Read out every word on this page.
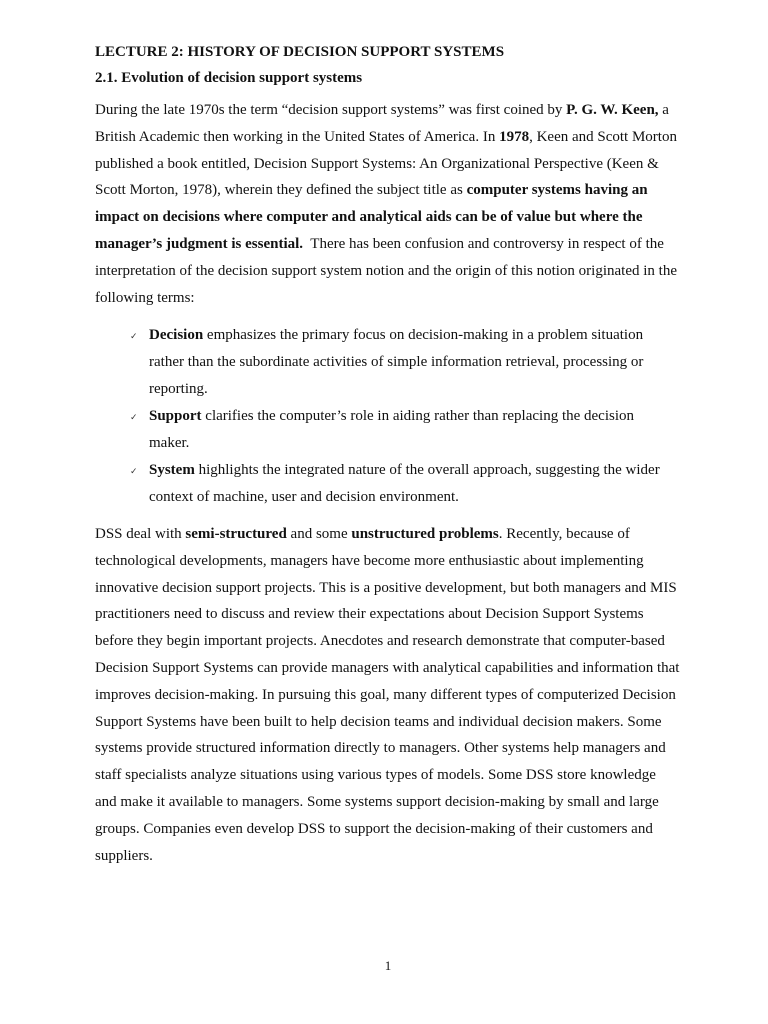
LECTURE 2: HISTORY OF DECISION SUPPORT SYSTEMS
2.1. Evolution of decision support systems

During the late 1970s the term “decision support systems” was first coined by P. G. W. Keen, a
British Academic then working in the United States of America. In 1978, Keen and Scott Morton
published a book entitled, Decision Support Systems: An Organizational Perspective (Keen &
Scott Morton, 1978), wherein they defined the subject title as computer systems having an
impact on decisions where computer and analytical aids can be of value but where the
manager’s judgment is essential.  There has been confusion and controversy in respect of the
interpretation of the decision support system notion and the origin of this notion originated in the
following terms:

✓ Decision emphasizes the primary focus on decision-making in a problem situation
rather than the subordinate activities of simple information retrieval, processing or
reporting.
✓ Support clarifies the computer’s role in aiding rather than replacing the decision
maker.
✓ System highlights the integrated nature of the overall approach, suggesting the wider
context of machine, user and decision environment.

DSS deal with semi-structured and some unstructured problems. Recently, because of
technological developments, managers have become more enthusiastic about implementing
innovative decision support projects. This is a positive development, but both managers and MIS
practitioners need to discuss and review their expectations about Decision Support Systems
before they begin important projects. Anecdotes and research demonstrate that computer-based
Decision Support Systems can provide managers with analytical capabilities and information that
improves decision-making. In pursuing this goal, many different types of computerized Decision
Support Systems have been built to help decision teams and individual decision makers. Some
systems provide structured information directly to managers. Other systems help managers and
staff specialists analyze situations using various types of models. Some DSS store knowledge
and make it available to managers. Some systems support decision-making by small and large
groups. Companies even develop DSS to support the decision-making of their customers and
suppliers.

1
